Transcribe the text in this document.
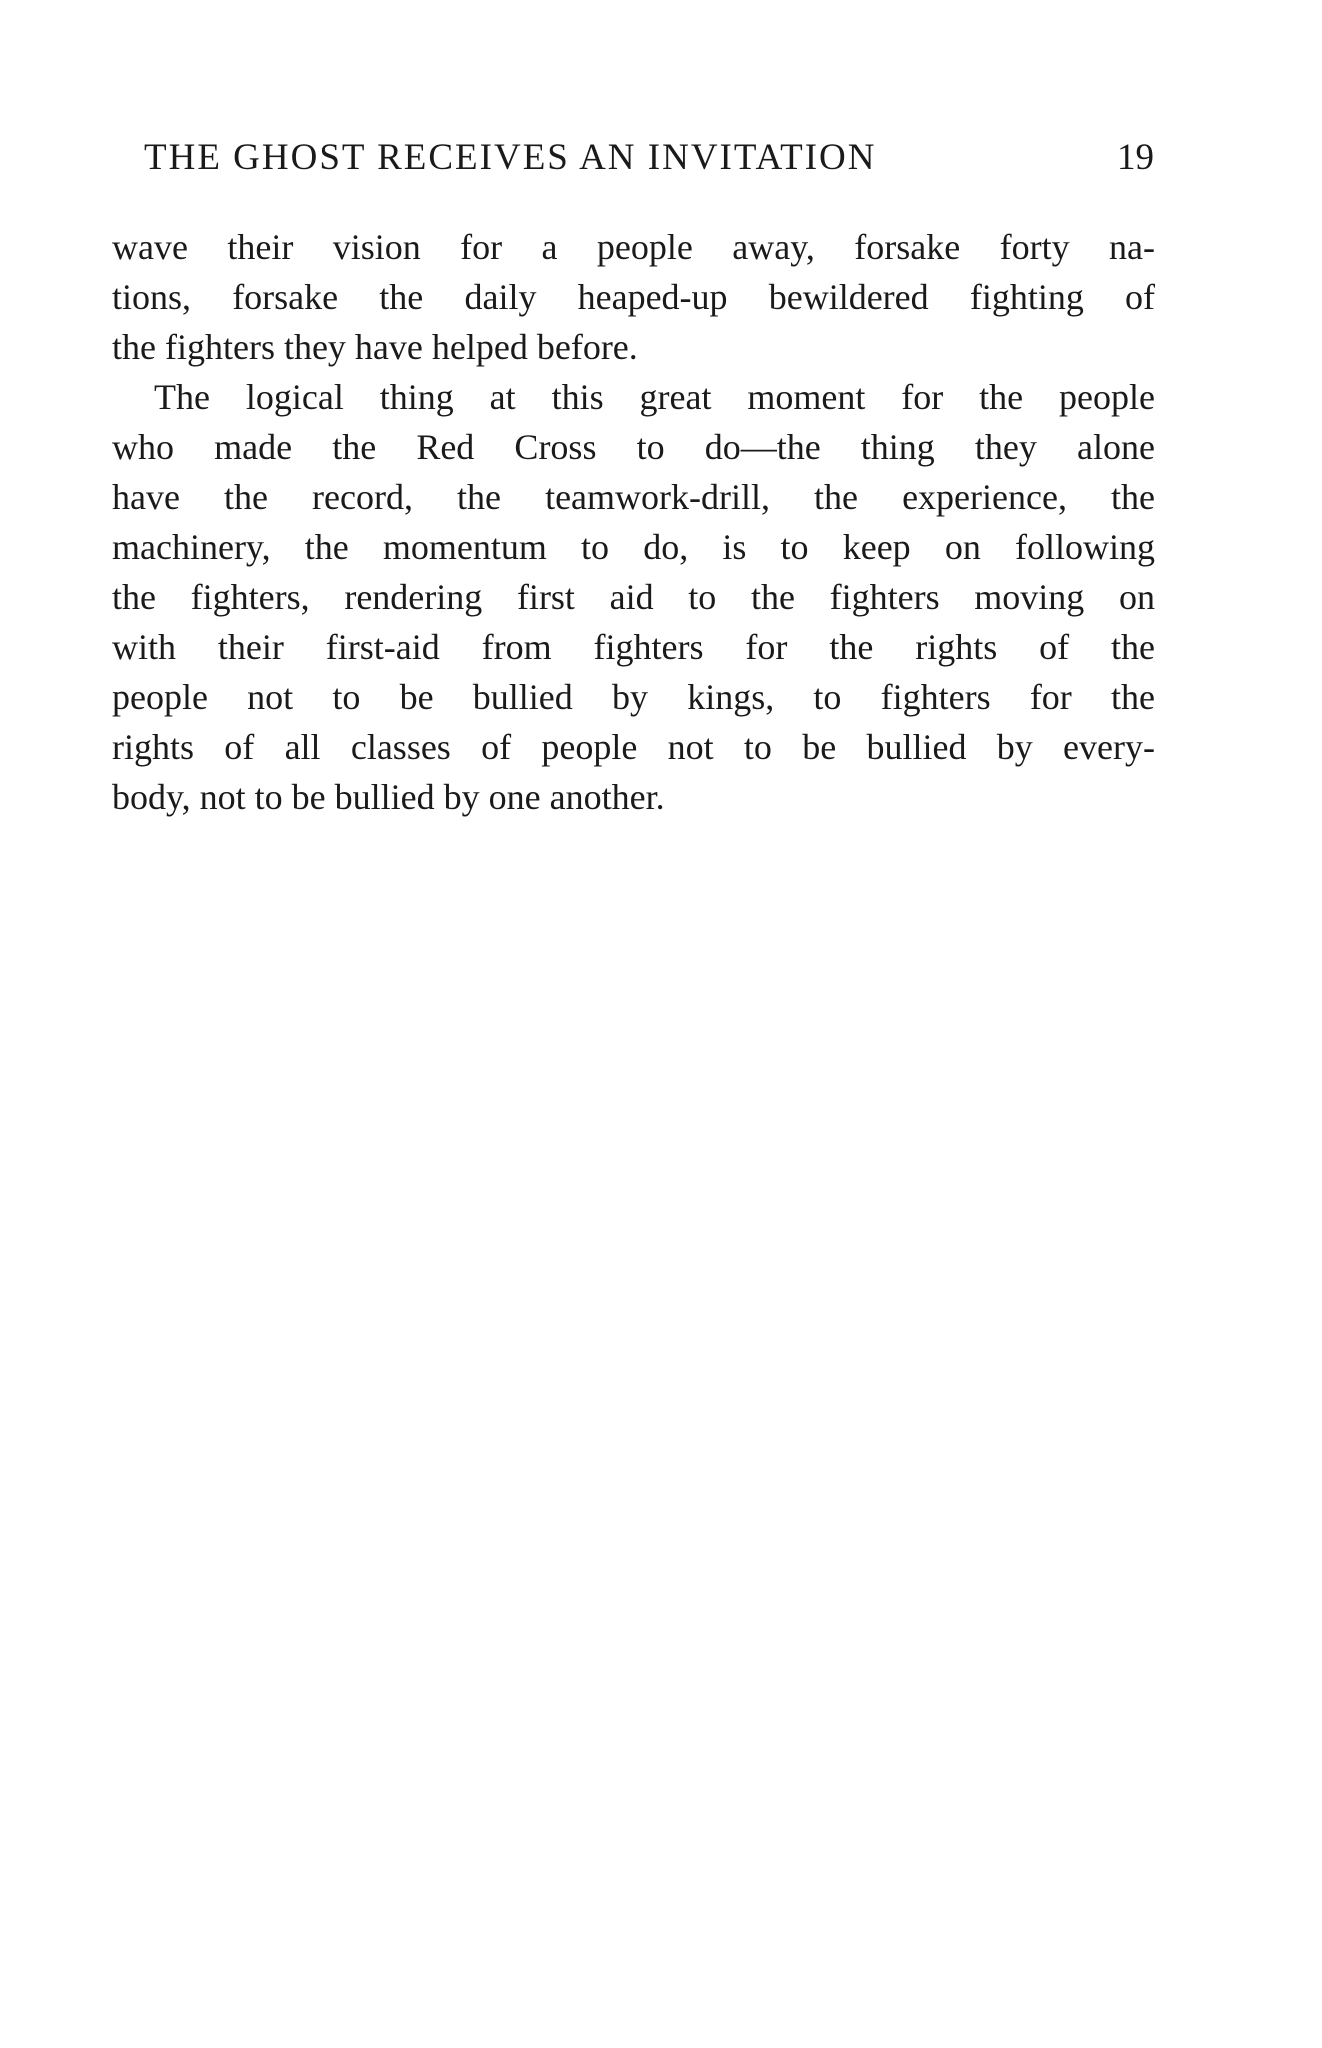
THE GHOST RECEIVES AN INVITATION	19
wave their vision for a people away, forsake forty na-
tions, forsake the daily heaped-up bewildered fighting of
the fighters they have helped before.
The logical thing at this great moment for the people
who made the Red Cross to do—the thing they alone
have the record, the teamwork-drill, the experience, the
machinery, the momentum to do, is to keep on following
the fighters, rendering first aid to the fighters moving on
with their first-aid from fighters for the rights of the
people not to be bullied by kings, to fighters for the
rights of all classes of people not to be bullied by every-
body, not to be bullied by one another.
